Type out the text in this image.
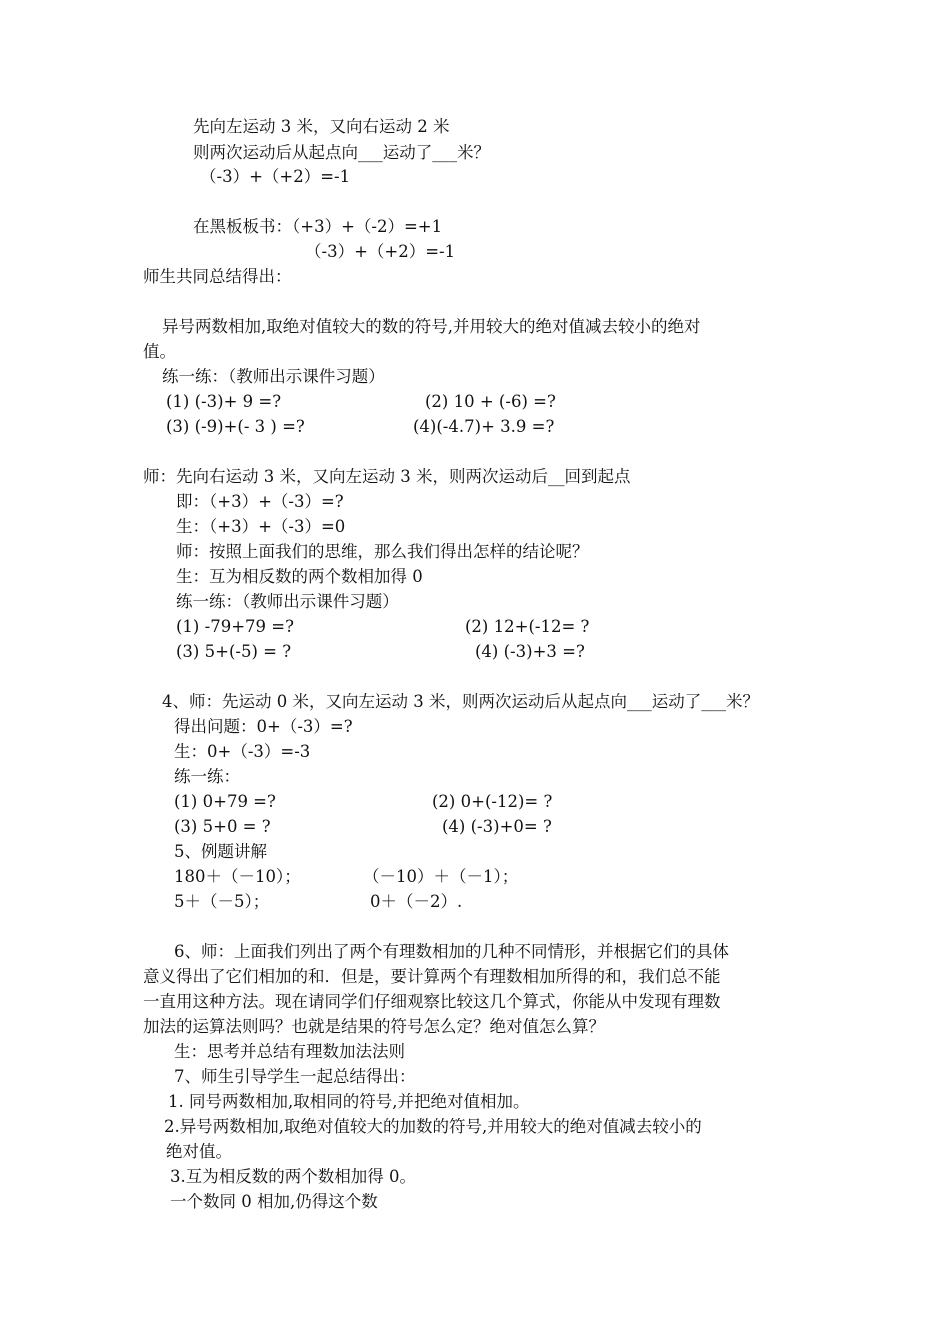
先向左运动 3 米，又向右运动 2 米
则两次运动后从起点向___运动了___米？
（-3）+（+2）=-1
在黑板板书：（+3）+（-2）=+1
（-3）+（+2）=-1
师生共同总结得出：
异号两数相加,取绝对值较大的数的符号,并用较大的绝对值减去较小的绝对
值。
练一练：（教师出示课件习题）
(1) (-3)+ 9 =?	(2) 10 + (-6) =?
(3) (-9)+(- 3 ) =?	(4)(-4.7)+ 3.9 =?
师：先向右运动 3 米，又向左运动 3 米，则两次运动后__回到起点
即：（+3）+（-3）=?
生：（+3）+（-3）=0
师：按照上面我们的思维，那么我们得出怎样的结论呢？
生：互为相反数的两个数相加得 0
练一练：（教师出示课件习题）
(1) -79+79 =?	(2) 12+(-12= ?
(3) 5+(-5) = ?	(4) (-3)+3 =?
4、师：先运动 0 米，又向左运动 3 米，则两次运动后从起点向___运动了___米？
得出问题：0+（-3）=?
生：0+（-3）=-3
练一练：
(1) 0+79 =?	(2) 0+(-12)= ?
(3) 5+0 = ?	(4) (-3)+0= ?
5、例题讲解
180＋（－10）；	（－10）＋（－1）；
5＋（－5）；	0＋（－2）.
6、师：上面我们列出了两个有理数相加的几种不同情形，并根据它们的具体
意义得出了它们相加的和．但是，要计算两个有理数相加所得的和，我们总不能
一直用这种方法。现在请同学们仔细观察比较这几个算式，你能从中发现有理数
加法的运算法则吗？也就是结果的符号怎么定？绝对值怎么算？
生：思考并总结有理数加法法则
7、师生引导学生一起总结得出：
1. 同号两数相加,取相同的符号,并把绝对值相加。
2.异号两数相加,取绝对值较大的加数的符号,并用较大的绝对值减去较小的
绝对值。
3.互为相反数的两个数相加得 0。
一个数同 0 相加,仍得这个数
